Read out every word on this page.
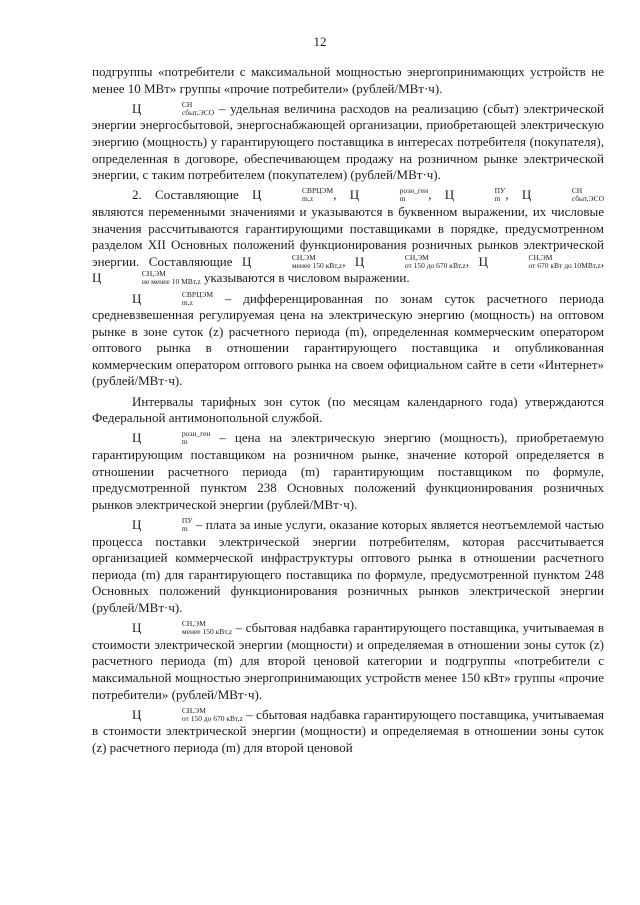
12

подгруппы «потребители с максимальной мощностью энергопринимающих устройств не менее 10 МВт» группы «прочие потребители» (рублей/МВт·ч).

Ц	СН
сбыт,ЭСО – удельная величина расходов на реализацию (сбыт) электрической энергии энергосбытовой, энергоснабжающей организации, приобретающей электрическую энергию (мощность) у гарантирующего поставщика в интересах потребителя (покупателя), определенная в договоре, обеспечивающем продажу на розничном рынке электрической энергии, с таким потребителем (покупателем) (рублей/МВт·ч).

2. Составляющие Ц	СВРЦЭМ
m,z	, Ц	розн_ген
m	, Ц	ПУ
m , Ц	СН
сбыт,ЭСО
являются переменными значениями и указываются в буквенном выражении, их числовые значения рассчитываются гарантирующими поставщиками в порядке, предусмотренном разделом XII Основных положений функционирования розничных рынков электрической энергии. Составляющие Ц	СН,ЭМ
менее 150 кВт,z , Ц	СН,ЭМ
от 150 до 670 кВт,z , Ц	СН,ЭМ
от 670 кВт до 10МВт,z , Ц	СН,ЭМ
не менее 10 МВт,z указываются в числовом выражении.

Ц	СВРЦЭМ
m,z	– дифференцированная по зонам суток расчетного периода средневзвешенная регулируемая цена на электрическую энергию (мощность) на оптовом рынке в зоне суток (z) расчетного периода (m), определенная коммерческим оператором оптового рынка в отношении гарантирующего поставщика и опубликованная коммерческим оператором оптового рынка на своем официальном сайте в сети «Интернет» (рублей/МВт·ч).

Интервалы тарифных зон суток (по месяцам календарного года) утверждаются Федеральной антимонопольной службой.

Ц	розн_ген
m	– цена на электрическую энергию (мощность), приобретаемую гарантирующим поставщиком на розничном рынке, значение которой определяется в отношении расчетного периода (m) гарантирующим поставщиком по формуле, предусмотренной пунктом 238 Основных положений функционирования розничных рынков электрической энергии (рублей/МВт·ч).

Ц	ПУ
m – плата за иные услуги, оказание которых является неотъемлемой частью процесса поставки электрической энергии потребителям, которая рассчитывается организацией коммерческой инфраструктуры оптового рынка в отношении расчетного периода (m) для гарантирующего поставщика по формуле, предусмотренной пунктом 248 Основных положений функционирования розничных рынков электрической энергии (рублей/МВт·ч).

Ц	СН,ЭМ
менее 150 кВт,z – сбытовая надбавка гарантирующего поставщика, учитываемая в стоимости электрической энергии (мощности) и определяемая в отношении зоны суток (z) расчетного периода (m) для второй ценовой категории и подгруппы «потребители с максимальной мощностью энергопринимающих устройств менее 150 кВт» группы «прочие потребители» (рублей/МВт·ч).

Ц	СН,ЭМ
от 150 до 670 кВт,z – сбытовая надбавка гарантирующего поставщика, учитываемая в стоимости электрической энергии (мощности) и определяемая в отношении зоны суток (z) расчетного периода (m) для второй ценовой
